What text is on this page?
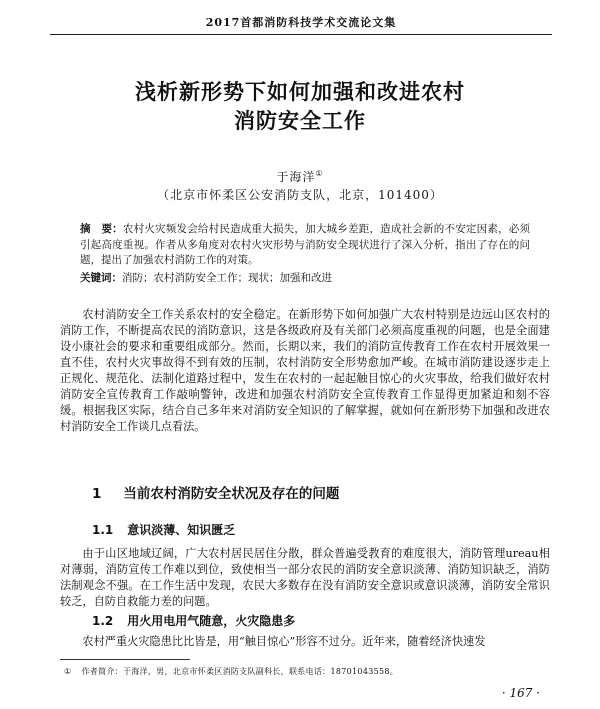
2017首都消防科技学术交流论文集
浅析新形势下如何加强和改进农村
消防安全工作
于海洋①
（北京市怀柔区公安消防支队，北京，101400）
摘　要：农村火灾频发会给村民造成重大损失，加大城乡差距，造成社会新的不安定因素，必须引起高度重视。作者从多角度对农村火灾形势与消防安全现状进行了深入分析，指出了存在的问题，提出了加强农村消防工作的对策。
关键词：消防；农村消防安全工作；现状；加强和改进
农村消防安全工作关系农村的安全稳定。在新形势下如何加强广大农村特别是边远山区农村的消防工作，不断提高农民的消防意识，这是各级政府及有关部门必须高度重视的问题，也是全面建设小康社会的要求和重要组成部分。然而，长期以来，我们的消防宣传教育工作在农村开展效果一直不佳，农村火灾事故得不到有效的压制，农村消防安全形势愈加严峻。在城市消防建设逐步走上正规化、规范化、法制化道路过程中，发生在农村的一起起触目惊心的火灾事故，给我们做好农村消防安全宣传教育工作敲响警钟，改进和加强农村消防安全宣传教育工作显得更加紧迫和刻不容缓。根据我区实际，结合自己多年来对消防安全知识的了解掌握，就如何在新形势下加强和改进农村消防安全工作谈几点看法。
1 当前农村消防安全状况及存在的问题
1.1 意识淡薄、知识匮乏
由于山区地域辽阔，广大农村居民居住分散，群众普遍受教育的难度很大，消防管理ureau相对薄弱，消防宣传工作难以到位，致使相当一部分农民的消防安全意识淡薄、消防知识缺乏，消防法制观念不强。在工作生活中发现，农民大多数存在没有消防安全意识或意识淡薄，消防安全常识较乏，自防自救能力差的问题。
1.2 用火用电用气随意，火灾隐患多
农村严重火灾隐患比比皆是，用“触目惊心”形容不过分。近年来，随着经济快速发
① 作者简介：于海洋，男，北京市怀柔区消防支队副科长，联系电话：18701043558。
· 167 ·
